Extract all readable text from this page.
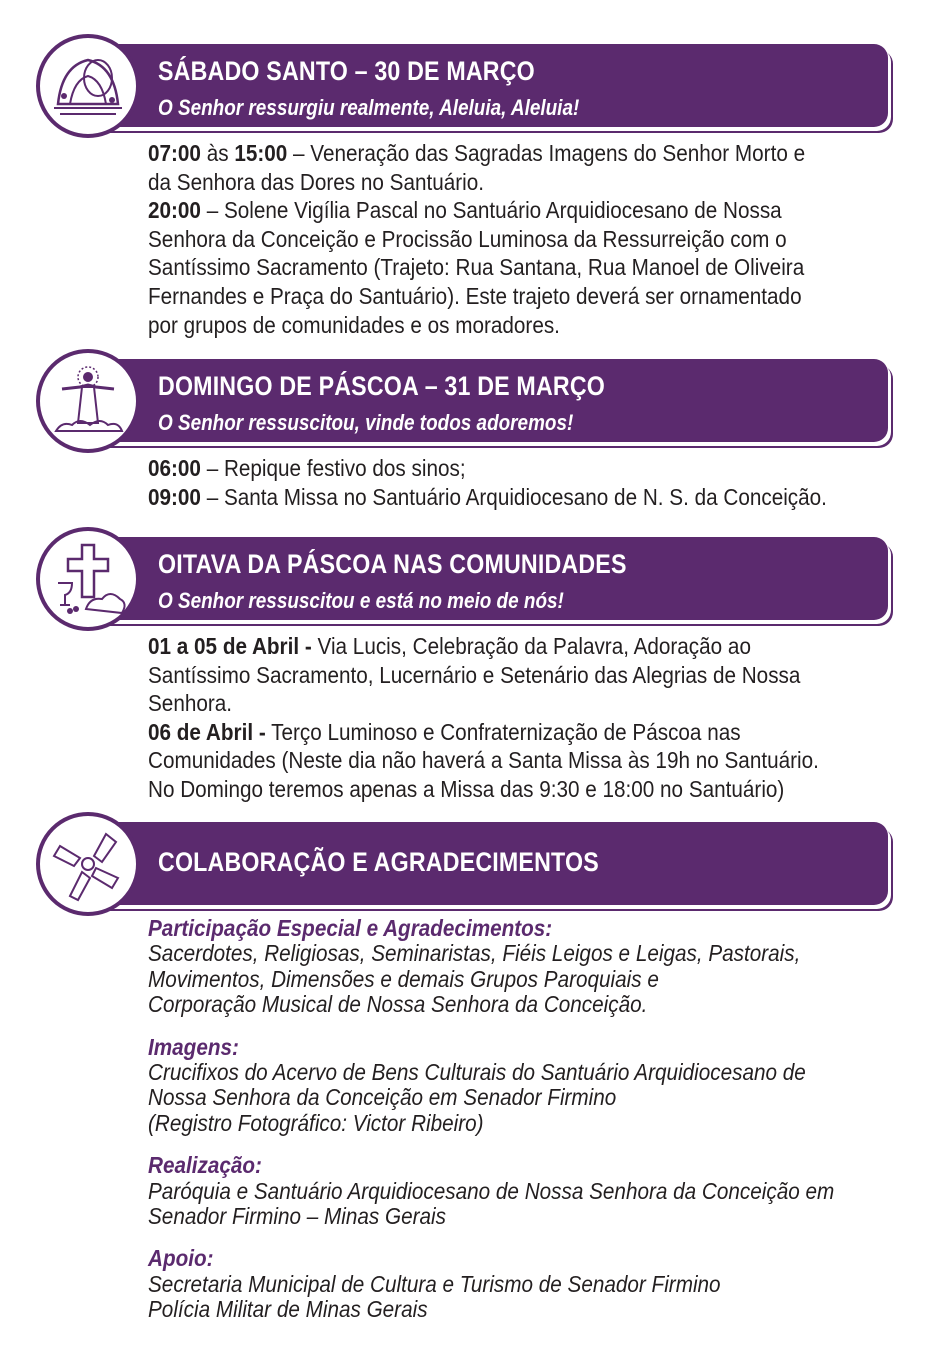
SÁBADO SANTO – 30 DE MARÇO
O Senhor ressurgiu realmente, Aleluia, Aleluia!

07:00 às 15:00 – Veneração das Sagradas Imagens do Senhor Morto e da Senhora das Dores no Santuário.

20:00 – Solene Vigília Pascal no Santuário Arquidiocesano de Nossa Senhora da Conceição e Procissão Luminosa da Ressurreição com o Santíssimo Sacramento (Trajeto: Rua Santana, Rua Manoel de Oliveira Fernandes e Praça do Santuário). Este trajeto deverá ser ornamentado por grupos de comunidades e os moradores.

DOMINGO DE PÁSCOA – 31 DE MARÇO
O Senhor ressuscitou, vinde todos adoremos!

06:00 – Repique festivo dos sinos;

09:00 – Santa Missa no Santuário Arquidiocesano de N. S. da Conceição.

OITAVA DA PÁSCOA NAS COMUNIDADES
O Senhor ressuscitou e está no meio de nós!

01 a 05 de Abril - Via Lucis, Celebração da Palavra, Adoração ao Santíssimo Sacramento, Lucernário e Setenário das Alegrias de Nossa Senhora.

06 de Abril - Terço Luminoso e Confraternização de Páscoa nas Comunidades (Neste dia não haverá a Santa Missa às 19h no Santuário. No Domingo teremos apenas a Missa das 9:30 e 18:00 no Santuário)

COLABORAÇÃO E AGRADECIMENTOS
Participação Especial e Agradecimentos:
Sacerdotes, Religiosas, Seminaristas, Fiéis Leigos e Leigas, Pastorais,
Movimentos, Dimensões e demais Grupos Paroquiais e
Corporação Musical de Nossa Senhora da Conceição.
Imagens:
Crucifixos do Acervo de Bens Culturais do Santuário Arquidiocesano de
Nossa Senhora da Conceição em Senador Firmino
(Registro Fotográfico: Victor Ribeiro)
Realização:
Paróquia e Santuário Arquidiocesano de Nossa Senhora da Conceição em
Senador Firmino – Minas Gerais
Apoio:
Secretaria Municipal de Cultura e Turismo de Senador Firmino
Polícia Militar de Minas Gerais
